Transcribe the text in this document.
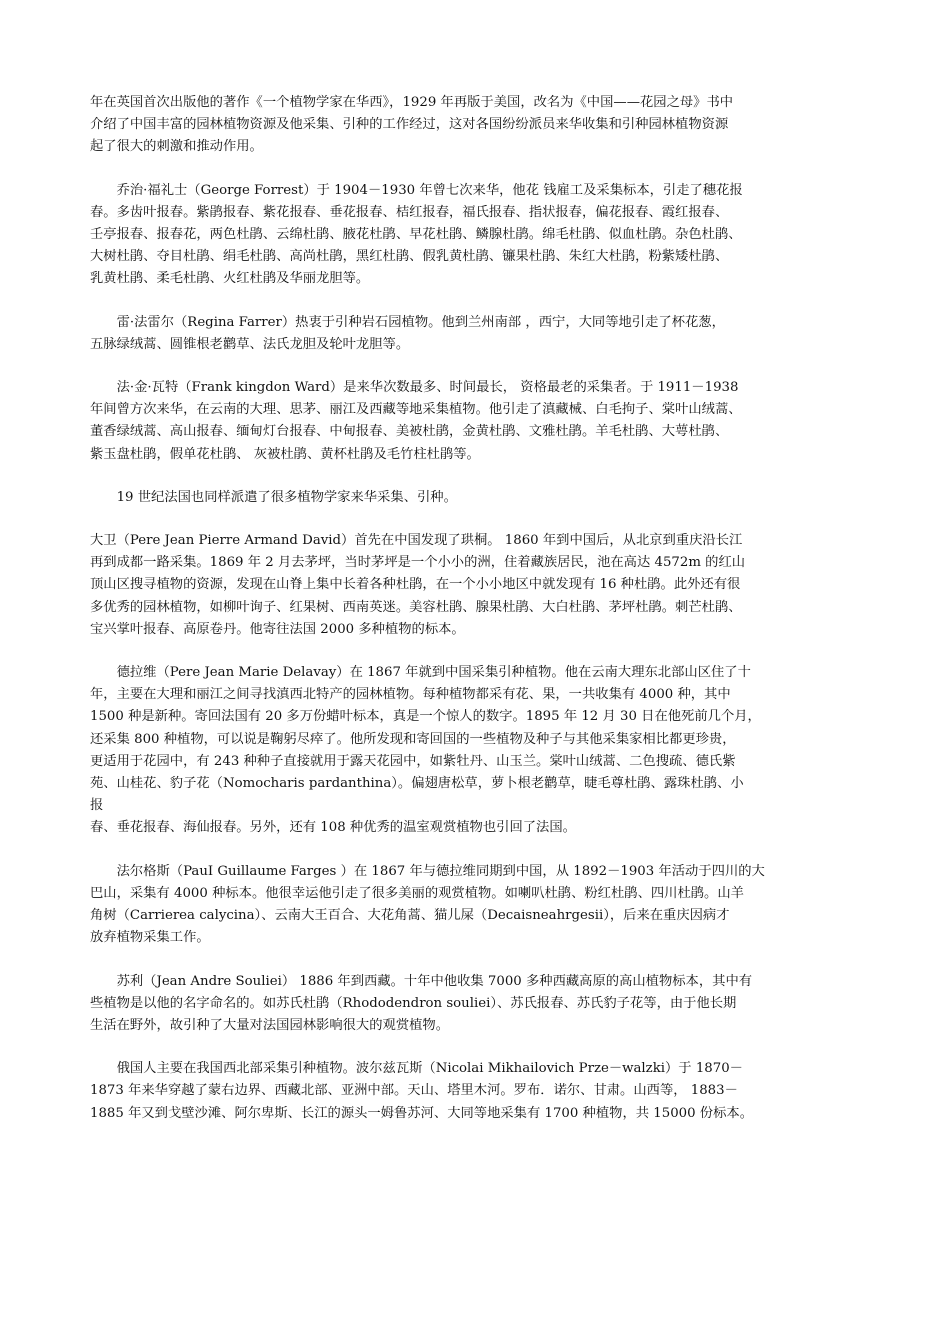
年在英国首次出版他的著作《一个植物学家在华西》，1929 年再版于美国，改名为《中国——花园之母》书中
介绍了中国丰富的园林植物资源及他采集、引种的工作经过，这对各国纷纷派员来华收集和引种园林植物资源
起了很大的刺激和推动作用。
　　乔治·福礼士（George Forrest）于 1904－1930 年曾七次来华，他花 钱雇工及采集标本，引走了穗花报
春。多齿叶报春。紫鹃报春、紫花报春、垂花报春、桔红报春，福氏报春、指状报春，偏花报春、霞红报春、
壬亭报春、报春花，两色杜鹃、云绵杜鹃、腋花杜鹃、早花杜鹃、鳞腺杜鹃。绵毛杜鹃、似血杜鹃。杂色杜鹃、
大树杜鹃、夺目杜鹃、绢毛杜鹃、高尚杜鹃，黑红杜鹃、假乳黄杜鹃、镰果杜鹃、朱红大杜鹃，粉紫矮杜鹃、
乳黄杜鹃、柔毛杜鹃、火红杜鹃及华丽龙胆等。
　　雷·法雷尔（Regina Farrer）热衷于引种岩石园植物。他到兰州南部 ，西宁，大同等地引走了杯花葱，
五脉绿绒蒿、圆锥根老鹳草、法氏龙胆及轮叶龙胆等。
　　法·金·瓦特（Frank kingdon Ward）是来华次数最多、时间最长， 资格最老的采集者。于 1911－1938
年间曾方次来华，在云南的大理、思茅、丽江及西藏等地采集植物。他引走了滇藏械、白毛拘子、棠叶山绒蒿、
董香绿绒蒿、高山报春、缅甸灯台报春、中甸报春、美被杜鹃，金黄杜鹃、文雅杜鹃。羊毛杜鹃、大萼杜鹃、
紫玉盘杜鹃，假单花杜鹃、 灰被杜鹃、黄杯杜鹃及毛竹柱杜鹃等。
　　19 世纪法国也同样派遣了很多植物学家来华采集、引种。
大卫（Pere Jean Pierre Armand David）首先在中国发现了珙桐。 1860 年到中国后，从北京到重庆沿长江
再到成都一路采集。1869 年 2 月去茅坪，当时茅坪是一个小小的洲，住着藏族居民，池在高达 4572m 的红山
顶山区搜寻植物的资源，发现在山脊上集中长着各种杜鹃，在一个小小地区中就发现有 16 种杜鹃。此外还有很
多优秀的园林植物，如柳叶询子、红果树、西南英迷。美容杜鹃、腺果杜鹃、大白杜鹃、茅坪杜鹃。刺芒杜鹃、
宝兴掌叶报春、高原卷丹。他寄往法国 2000 多种植物的标本。
　　德拉维（Pere Jean Marie Delavay）在 1867 年就到中国采集引种植物。他在云南大理东北部山区住了十
年，主要在大理和丽江之间寻找滇西北特产的园林植物。每种植物都采有花、果，一共收集有 4000 种，其中
1500 种是新种。寄回法国有 20 多万份蜡叶标本，真是一个惊人的数字。1895 年 12 月 30 日在他死前几个月，
还采集 800 种植物，可以说是鞠躬尽瘁了。他所发现和寄回国的一些植物及种子与其他采集家相比都更珍贵，
更适用于花园中，有 243 种种子直接就用于露天花园中，如紫牡丹、山玉兰。棠叶山绒蒿、二色搜疏、德氏紫
苑、山桂花、豹子花（Nomocharis pardanthina）。偏翅唐松草，萝卜根老鹳草，睫毛尊杜鹃、露珠杜鹃、小
报
春、垂花报春、海仙报春。另外，还有 108 种优秀的温室观赏植物也引回了法国。
　　法尔格斯（PauI Guillaume Farges ）在 1867 年与德拉维同期到中国，从 1892－1903 年活动于四川的大
巴山，采集有 4000 种标本。他很幸运他引走了很多美丽的观赏植物。如喇叭杜鹃、粉红杜鹃、四川杜鹃。山羊
角树（Carrierea calycina）、云南大王百合、大花角蒿、猫儿屎（Decaisneahrgesii），后来在重庆因病才
放弃植物采集工作。
　　苏利（Jean Andre Souliei） 1886 年到西藏。十年中他收集 7000 多种西藏高原的高山植物标本，其中有
些植物是以他的名字命名的。如苏氏杜鹃（Rhododendron souliei）、苏氏报春、苏氏豹子花等，由于他长期
生活在野外，故引种了大量对法国园林影响很大的观赏植物。
　　俄国人主要在我国西北部采集引种植物。波尔兹瓦斯（Nicolai Mikhailovich Prze－walzki）于 1870－
1873 年来华穿越了蒙右边界、西藏北部、亚洲中部。天山、塔里木河。罗布．诺尔、甘肃。山西等， 1883－
1885 年又到戈壁沙滩、阿尔卑斯、长江的源头一姆鲁苏河、大同等地采集有 1700 种植物，共 15000 份标本。
